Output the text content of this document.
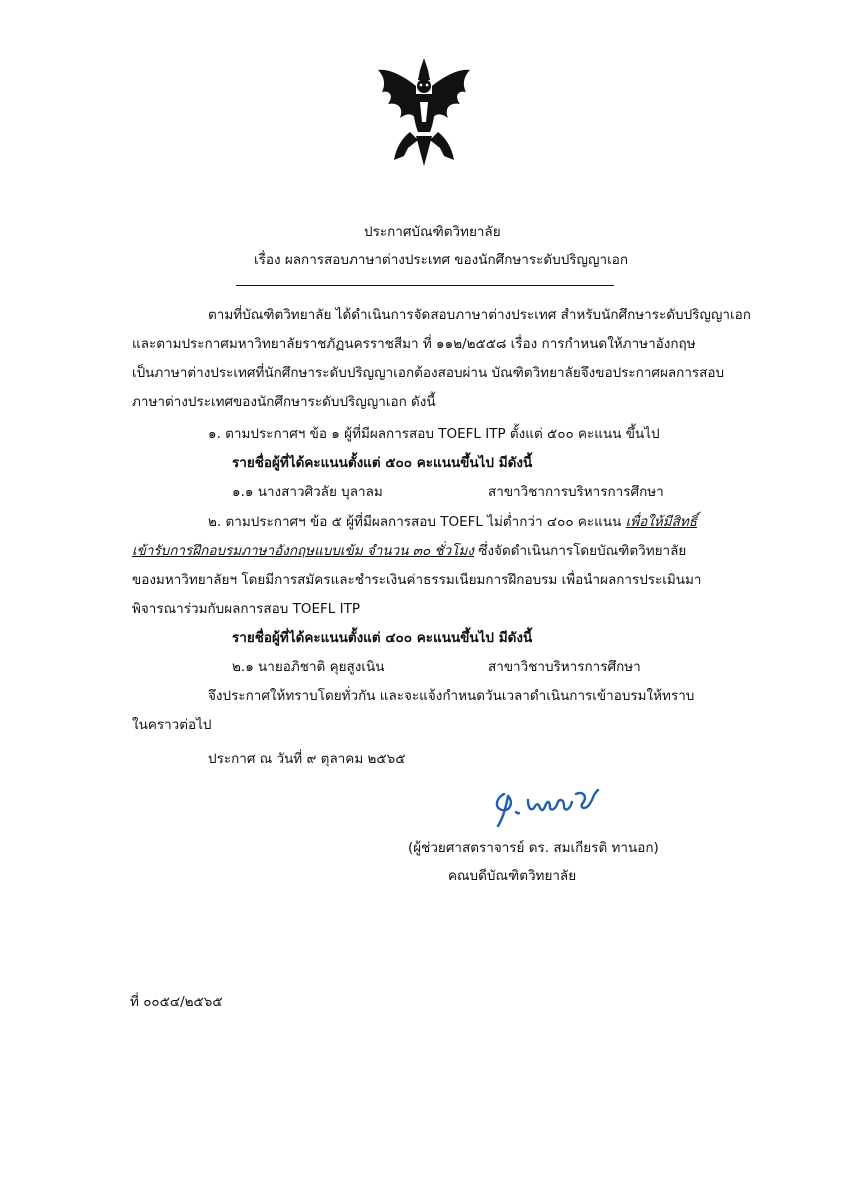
ประกาศบัณฑิตวิทยาลัย
เรื่อง ผลการสอบภาษาต่างประเทศ ของนักศึกษาระดับปริญญาเอก
ตามที่บัณฑิตวิทยาลัย ได้ดำเนินการจัดสอบภาษาต่างประเทศ สำหรับนักศึกษาระดับปริญญาเอก
และตามประกาศมหาวิทยาลัยราชภัฏนครราชสีมา ที่ ๑๑๒/๒๕๕๘ เรื่อง การกำหนดให้ภาษาอังกฤษ
เป็นภาษาต่างประเทศที่นักศึกษาระดับปริญญาเอกต้องสอบผ่าน บัณฑิตวิทยาลัยจึงขอประกาศผลการสอบ
ภาษาต่างประเทศของนักศึกษาระดับปริญญาเอก ดังนี้
๑. ตามประกาศฯ ข้อ ๑ ผู้ที่มีผลการสอบ TOEFL ITP ตั้งแต่ ๕๐๐ คะแนน ขึ้นไป
รายชื่อผู้ที่ได้คะแนนตั้งแต่ ๕๐๐ คะแนนขึ้นไป มีดังนี้
๑.๑ นางสาวศิวลัย บุลาลม	สาขาวิชาการบริหารการศึกษา
๒. ตามประกาศฯ ข้อ ๕ ผู้ที่มีผลการสอบ TOEFL ไม่ต่ำกว่า ๔๐๐ คะแนน เพื่อให้มีสิทธิ์
เข้ารับการฝึกอบรมภาษาอังกฤษแบบเข้ม จำนวน ๓๐ ชั่วโมง ซึ่งจัดดำเนินการโดยบัณฑิตวิทยาลัย
ของมหาวิทยาลัยฯ โดยมีการสมัครและชำระเงินค่าธรรมเนียมการฝึกอบรม เพื่อนำผลการประเมินมา
พิจารณาร่วมกับผลการสอบ TOEFL ITP
รายชื่อผู้ที่ได้คะแนนตั้งแต่ ๔๐๐ คะแนนขึ้นไป มีดังนี้
๒.๑ นายอภิชาติ คุยสูงเนิน	สาขาวิชาบริหารการศึกษา
จึงประกาศให้ทราบโดยทั่วกัน และจะแจ้งกำหนดวันเวลาดำเนินการเข้าอบรมให้ทราบ
ในคราวต่อไป
ประกาศ ณ วันที่ ๙ ตุลาคม ๒๕๖๕
(ผู้ช่วยศาสตราจารย์ ดร. สมเกียรติ ทานอก)
คณบดีบัณฑิตวิทยาลัย
ที่ ๐๐๕๔/๒๕๖๕
